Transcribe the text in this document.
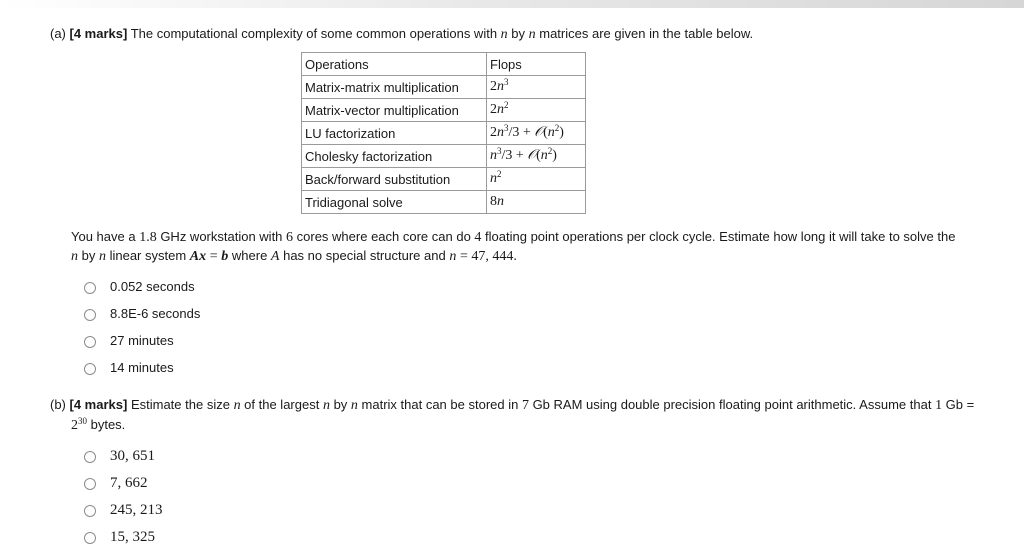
(a) [4 marks] The computational complexity of some common operations with n by n matrices are given in the table below.
Operations	Flops
Matrix-matrix multiplication	$2n^3$
Matrix-vector multiplication	$2n^2$
LU factorization	$2n^3/3$ + $𝒪(n^2)$
Cholesky factorization	$n^3/3$ + $𝒪(n^2)$
Back/forward substitution	$n^2$
Tridiagonal solve	8n
You have a 1.8 GHz workstation with 6 cores where each core can do 4 floating point operations per clock cycle. Estimate how long it will take to solve the
n by n linear system Ax = b where A has no special structure and n = 47, 444.
0.052 seconds
8.8E-6 seconds
27 minutes
14 minutes
(b) [4 marks] Estimate the size n of the largest n by n matrix that can be stored in 7 Gb RAM using double precision floating point arithmetic. Assume that 1 Gb =
$2^{30}$ bytes.
30, 651
7, 662
245, 213
15, 325
